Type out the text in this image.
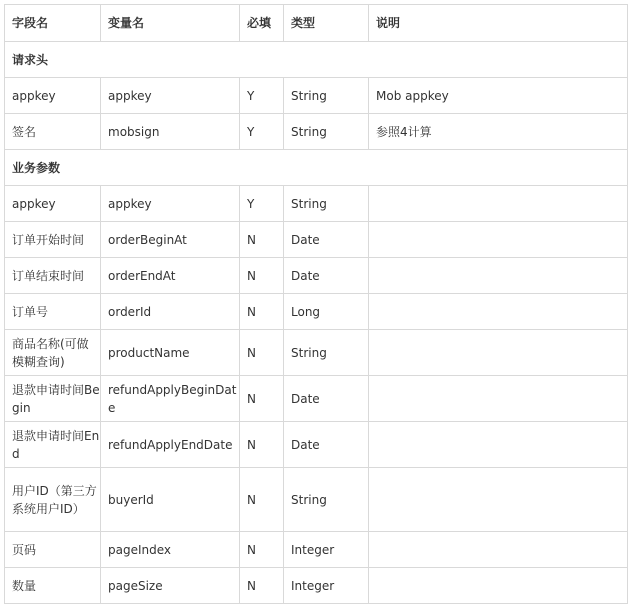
字段名	变量名	必填	类型	说明
请求头				
appkey	appkey	Y	String	Mob appkey
签名	mobsign	Y	String	参照4计算
业务参数				
appkey	appkey	Y	String	
订单开始时间	orderBeginAt	N	Date	
订单结束时间	orderEndAt	N	Date	
订单号	orderId	N	Long	
商品名称(可做模糊查询)	productName	N	String	
退款申请时间Begin	refundApplyBeginDate	N	Date	
退款申请时间End	refundApplyEndDate	N	Date	
用户ID（第三方系统用户ID）	buyerId	N	String	
页码	pageIndex	N	Integer	
数量	pageSize	N	Integer	
